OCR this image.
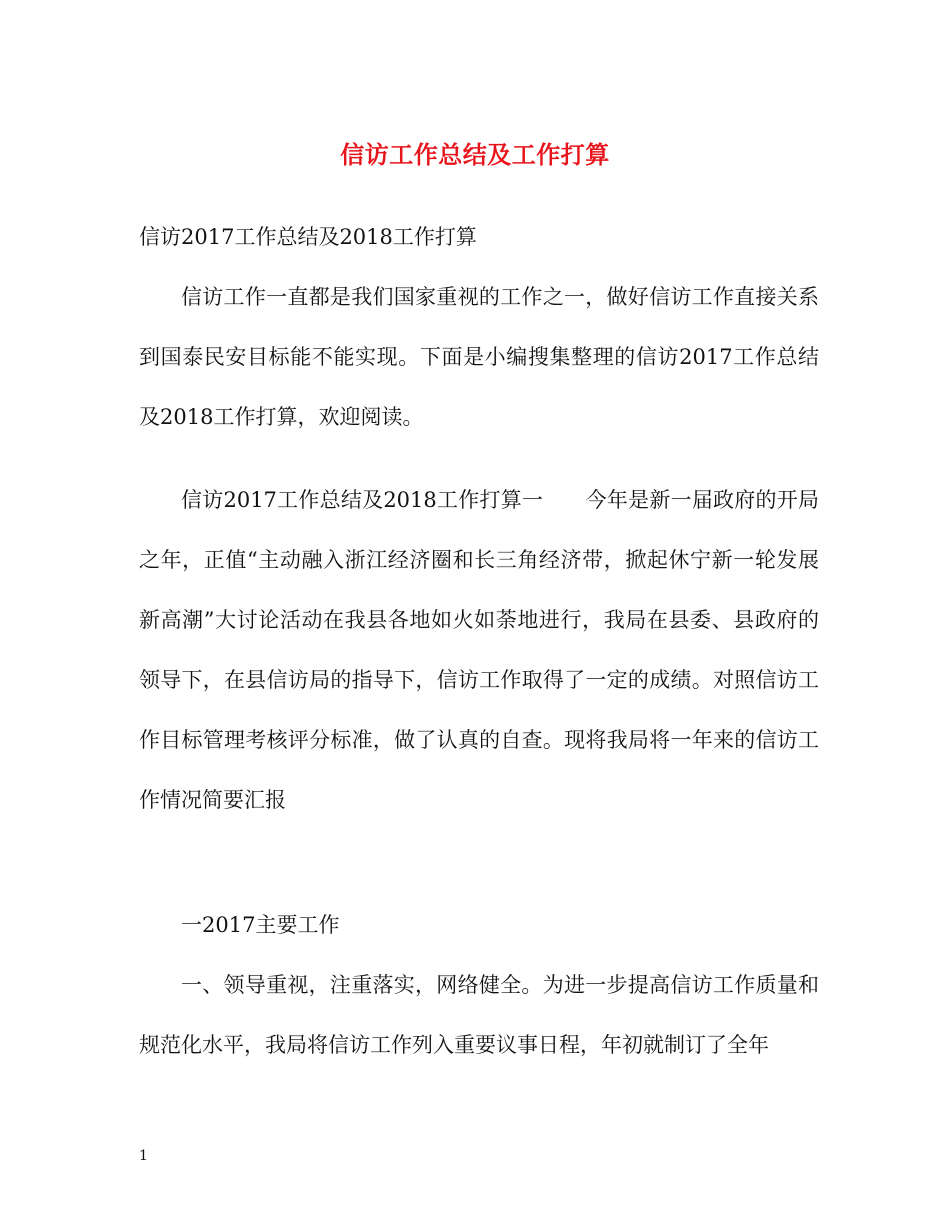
信访工作总结及工作打算
信访2017工作总结及2018工作打算

信访工作一直都是我们国家重视的工作之一，做好信访工作直接关系到国泰民安目标能不能实现。下面是小编搜集整理的信访2017工作总结及2018工作打算，欢迎阅读。

信访2017工作总结及2018工作打算一　　今年是新一届政府的开局之年，正值“主动融入浙江经济圈和长三角经济带，掀起休宁新一轮发展新高潮”大讨论活动在我县各地如火如荼地进行，我局在县委、县政府的领导下，在县信访局的指导下，信访工作取得了一定的成绩。对照信访工作目标管理考核评分标准，做了认真的自查。现将我局将一年来的信访工作情况简要汇报

一2017主要工作

一、领导重视，注重落实，网络健全。为进一步提高信访工作质量和规范化水平，我局将信访工作列入重要议事日程，年初就制订了全年

1
